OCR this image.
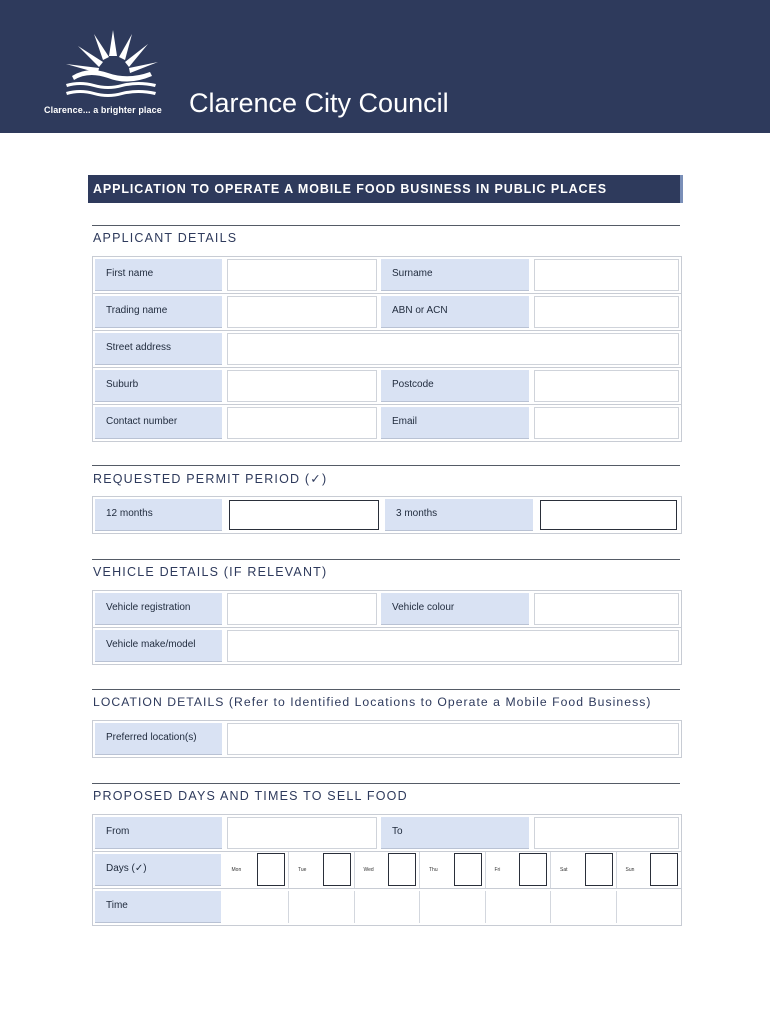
Clarence... a brighter place Clarence City Council
APPLICATION TO OPERATE A MOBILE FOOD BUSINESS IN PUBLIC PLACES
APPLICANT DETAILS
First name	Surname
Trading name	ABN or ACN
Street address
Suburb	Postcode
Contact number	Email
REQUESTED PERMIT PERIOD (✓)
12 months	3 months
VEHICLE DETAILS (IF RELEVANT)
Vehicle registration	Vehicle colour
Vehicle make/model
LOCATION DETAILS (Refer to Identified Locations to Operate a Mobile Food Business)
Preferred location(s)
PROPOSED DAYS AND TIMES TO SELL FOOD
From	To
Days (✓)	Mon	Tue	Wed	Thu	Fri	Sat	Sun
Time
